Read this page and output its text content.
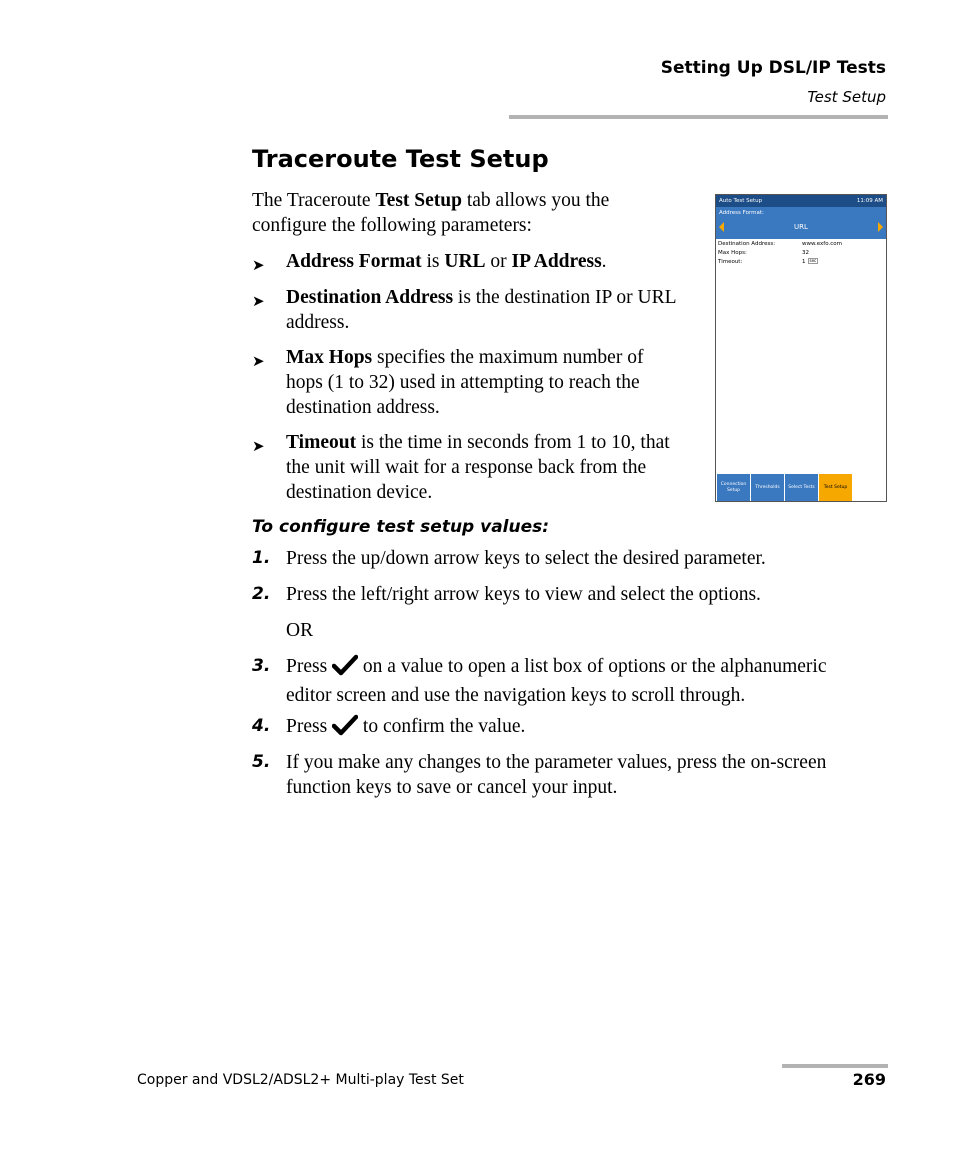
Setting Up DSL/IP Tests
Test Setup
Traceroute Test Setup
The Traceroute Test Setup tab allows you the
configure the following parameters:
➤ Address Format is URL or IP Address.
➤ Destination Address is the destination IP or URL
address.
➤ Max Hops specifies the maximum number of
hops (1 to 32) used in attempting to reach the
destination address.
➤ Timeout is the time in seconds from 1 to 10, that
the unit will wait for a response back from the
destination device.
Auto Test Setup	11:09 AM
Address Format:
URL
Destination Address:	www.exfo.com
Max Hops:	32
Timeout:	1 sec
Connection Setup
Thresholds	Select Tests	Test Setup
To configure test setup values:
1. Press the up/down arrow keys to select the desired parameter.
2. Press the left/right arrow keys to view and select the options.
OR
3. Press  on a value to open a list box of options or the alphanumeric
editor screen and use the navigation keys to scroll through.
4. Press  to confirm the value.
5. If you make any changes to the parameter values, press the on-screen
function keys to save or cancel your input.
Copper and VDSL2/ADSL2+ Multi-play Test Set	269
